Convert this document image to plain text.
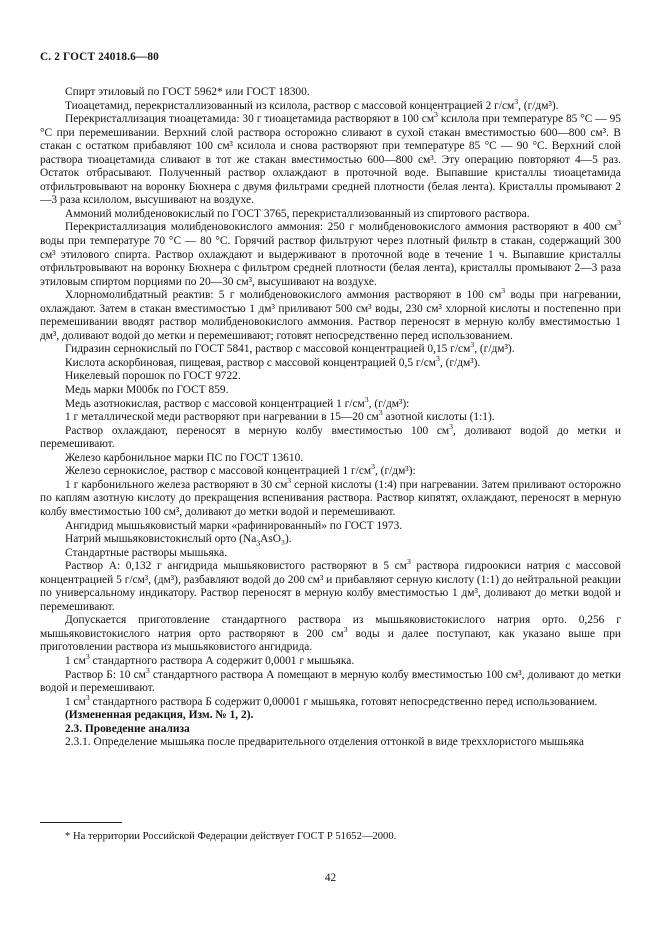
С. 2 ГОСТ 24018.6—80

Спирт этиловый по ГОСТ 5962* или ГОСТ 18300.

Тиоацетамид, перекристаллизованный из ксилола, раствор с массовой концентрацией 2 $г/см^3$, (г/дм³).

Перекристаллизация тиоацетамида: 30 г тиоацетамида растворяют в 100 $см^3$ ксилола при температуре 85 °С — 95 °С при перемешивании. Верхний слой раствора осторожно сливают в сухой стакан вместимостью 600—800 см³. В стакан с остатком прибавляют 100 см³ ксилола и снова растворяют при температуре 85 °С — 90 °С. Верхний слой раствора тиоацетамида сливают в тот же стакан вместимостью 600—800 см³. Эту операцию повторяют 4—5 раз. Остаток отбрасывают. Полученный раствор охлаждают в проточной воде. Выпавшие кристаллы тиоацетамида отфильтровывают на воронку Бюхнера с двумя фильтрами средней плотности (белая лента). Кристаллы промывают 2—3 раза ксилолом, высушивают на воздухе.

Аммоний молибденовокислый по ГОСТ 3765, перекристаллизованный из спиртового раствора.

Перекристаллизация молибденовокислого аммония: 250 г молибденовокислого аммония растворяют в 400 $см^3$ воды при температуре 70 °С — 80 °С. Горячий раствор фильтруют через плотный фильтр в стакан, содержащий 300 см³ этилового спирта. Раствор охлаждают и выдерживают в проточной воде в течение 1 ч. Выпавшие кристаллы отфильтровывают на воронку Бюхнера с фильтром средней плотности (белая лента), кристаллы промывают 2—3 раза этиловым спиртом порциями по 20—30 см³, высушивают на воздухе.

Хлорномолибдатный реактив: 5 г молибденовокислого аммония растворяют в 100 $см^3$ воды при нагревании, охлаждают. Затем в стакан вместимостью 1 дм³ приливают 500 см³ воды, 230 см³ хлорной кислоты и постепенно при перемешивании вводят раствор молибденовокислого аммония. Раствор переносят в мерную колбу вместимостью 1 дм³, доливают водой до метки и перемешивают; готовят непосредственно перед использованием.

Гидразин сернокислый по ГОСТ 5841, раствор с массовой концентрацией 0,15 $г/см^3$, (г/дм³).

Кислота аскорбиновая, пищевая, раствор с массовой концентрацией 0,5 $г/см^3$, (г/дм³).

Никелевый порошок по ГОСТ 9722.

Медь марки М00бк по ГОСТ 859.

Медь азотнокислая, раствор с массовой концентрацией 1 $г/см^3$, (г/дм³):

1 г металлической меди растворяют при нагревании в 15—20 $см^3$ азотной кислоты (1:1).

Раствор охлаждают, переносят в мерную колбу вместимостью 100 $см^3$, доливают водой до метки и перемешивают.

Железо карбонильное марки ПС по ГОСТ 13610.

Железо сернокислое, раствор с массовой концентрацией 1 $г/см^3$, (г/дм³):

1 г карбонильного железа растворяют в 30 $см^3$ серной кислоты (1:4) при нагревании. Затем приливают осторожно по каплям азотную кислоту до прекращения вспенивания раствора. Раствор кипятят, охлаждают, переносят в мерную колбу вместимостью 100 см³, доливают до метки водой и перемешивают.

Ангидрид мышьяковистый марки «рафинированный» по ГОСТ 1973.

Натрий мышьяковистокислый орто $(Na_3AsO_3)$.

Стандартные растворы мышьяка.

Раствор А: 0,132 г ангидрида мышьяковистого растворяют в 5 $см^3$ раствора гидроокиси натрия с массовой концентрацией 5 г/см³, (дм³), разбавляют водой до 200 см³ и прибавляют серную кислоту (1:1) до нейтральной реакции по универсальному индикатору. Раствор переносят в мерную колбу вместимостью 1 дм³, доливают до метки водой и перемешивают.

Допускается приготовление стандартного раствора из мышьяковистокислого натрия орто. 0,256 г мышьяковистокислого натрия орто растворяют в 200 $см^3$ воды и далее поступают, как указано выше при приготовлении раствора из мышьяковистого ангидрида.

1 $см^3$ стандартного раствора А содержит 0,0001 г мышьяка.

Раствор Б: 10 $см^3$ стандартного раствора А помещают в мерную колбу вместимостью 100 см³, доливают до метки водой и перемешивают.

1 $см^3$ стандартного раствора Б содержит 0,00001 г мышьяка, готовят непосредственно перед использованием.

(Измененная редакция, Изм. № 1, 2).

2.3. Проведение анализа

2.3.1. Определение мышьяка после предварительного отделения оттонкой в виде треххлористого мышьяка

* На территории Российской Федерации действует ГОСТ Р 51652—2000.
42
